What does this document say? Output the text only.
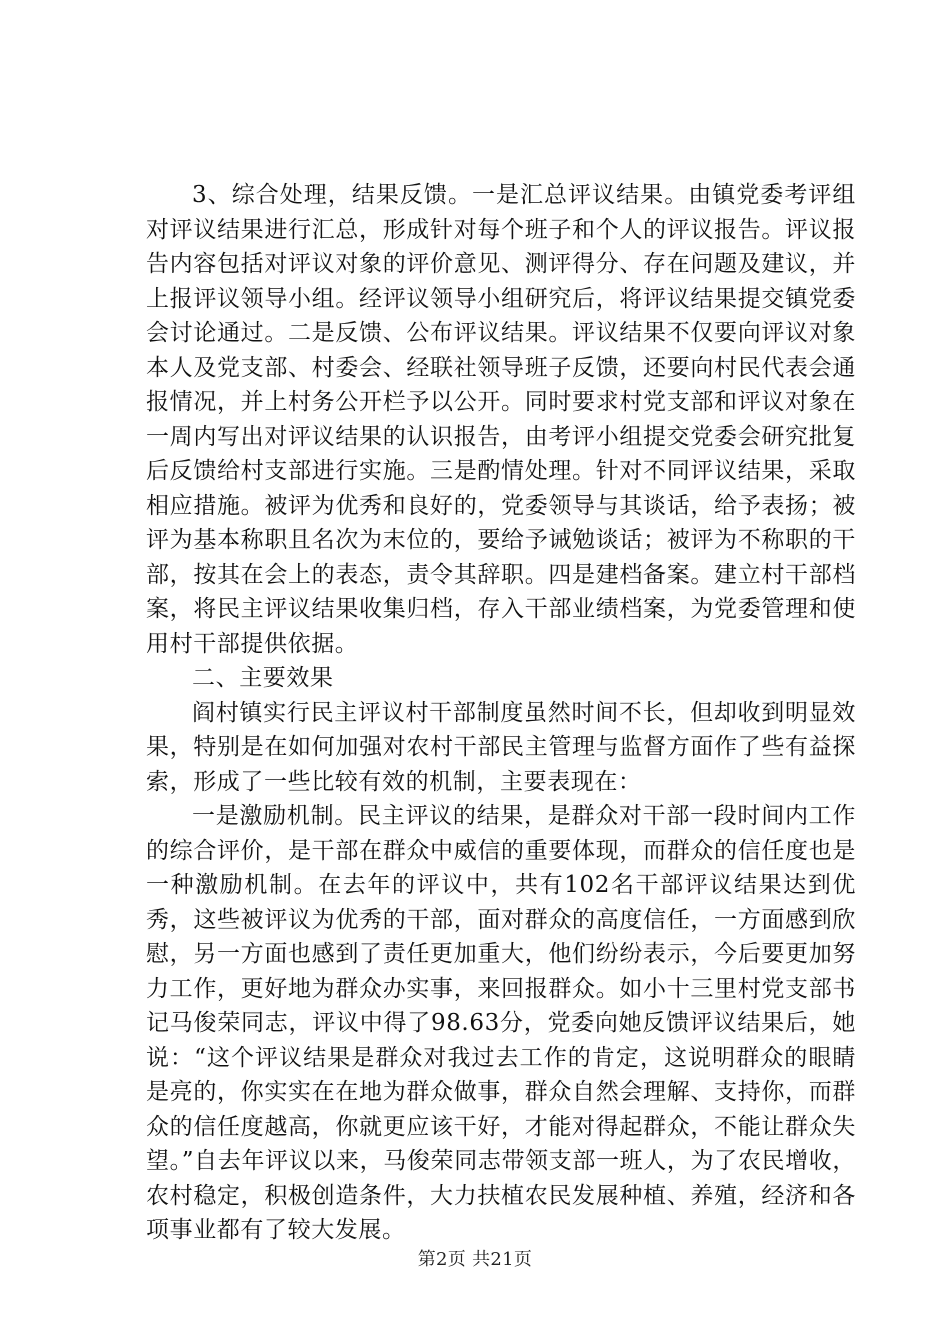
3、综合处理，结果反馈。一是汇总评议结果。由镇党委考评组对评议结果进行汇总，形成针对每个班子和个人的评议报告。评议报告内容包括对评议对象的评价意见、测评得分、存在问题及建议，并上报评议领导小组。经评议领导小组研究后，将评议结果提交镇党委会讨论通过。二是反馈、公布评议结果。评议结果不仅要向评议对象本人及党支部、村委会、经联社领导班子反馈，还要向村民代表会通报情况，并上村务公开栏予以公开。同时要求村党支部和评议对象在一周内写出对评议结果的认识报告，由考评小组提交党委会研究批复后反馈给村支部进行实施。三是酌情处理。针对不同评议结果，采取相应措施。被评为优秀和良好的，党委领导与其谈话，给予表扬；被评为基本称职且名次为末位的，要给予诫勉谈话；被评为不称职的干部，按其在会上的表态，责令其辞职。四是建档备案。建立村干部档案，将民主评议结果收集归档，存入干部业绩档案，为党委管理和使用村干部提供依据。

二、主要效果

阎村镇实行民主评议村干部制度虽然时间不长，但却收到明显效果，特别是在如何加强对农村干部民主管理与监督方面作了些有益探索，形成了一些比较有效的机制，主要表现在：

一是激励机制。民主评议的结果，是群众对干部一段时间内工作的综合评价，是干部在群众中威信的重要体现，而群众的信任度也是一种激励机制。在去年的评议中，共有102名干部评议结果达到优秀，这些被评议为优秀的干部，面对群众的高度信任，一方面感到欣慰，另一方面也感到了责任更加重大，他们纷纷表示，今后要更加努力工作，更好地为群众办实事，来回报群众。如小十三里村党支部书记马俊荣同志，评议中得了98.63分，党委向她反馈评议结果后，她说：“这个评议结果是群众对我过去工作的肯定，这说明群众的眼睛是亮的，你实实在在地为群众做事，群众自然会理解、支持你，而群众的信任度越高，你就更应该干好，才能对得起群众，不能让群众失望。”自去年评议以来，马俊荣同志带领支部一班人，为了农民增收，农村稳定，积极创造条件，大力扶植农民发展种植、养殖，经济和各项事业都有了较大发展。

第2页 共21页
